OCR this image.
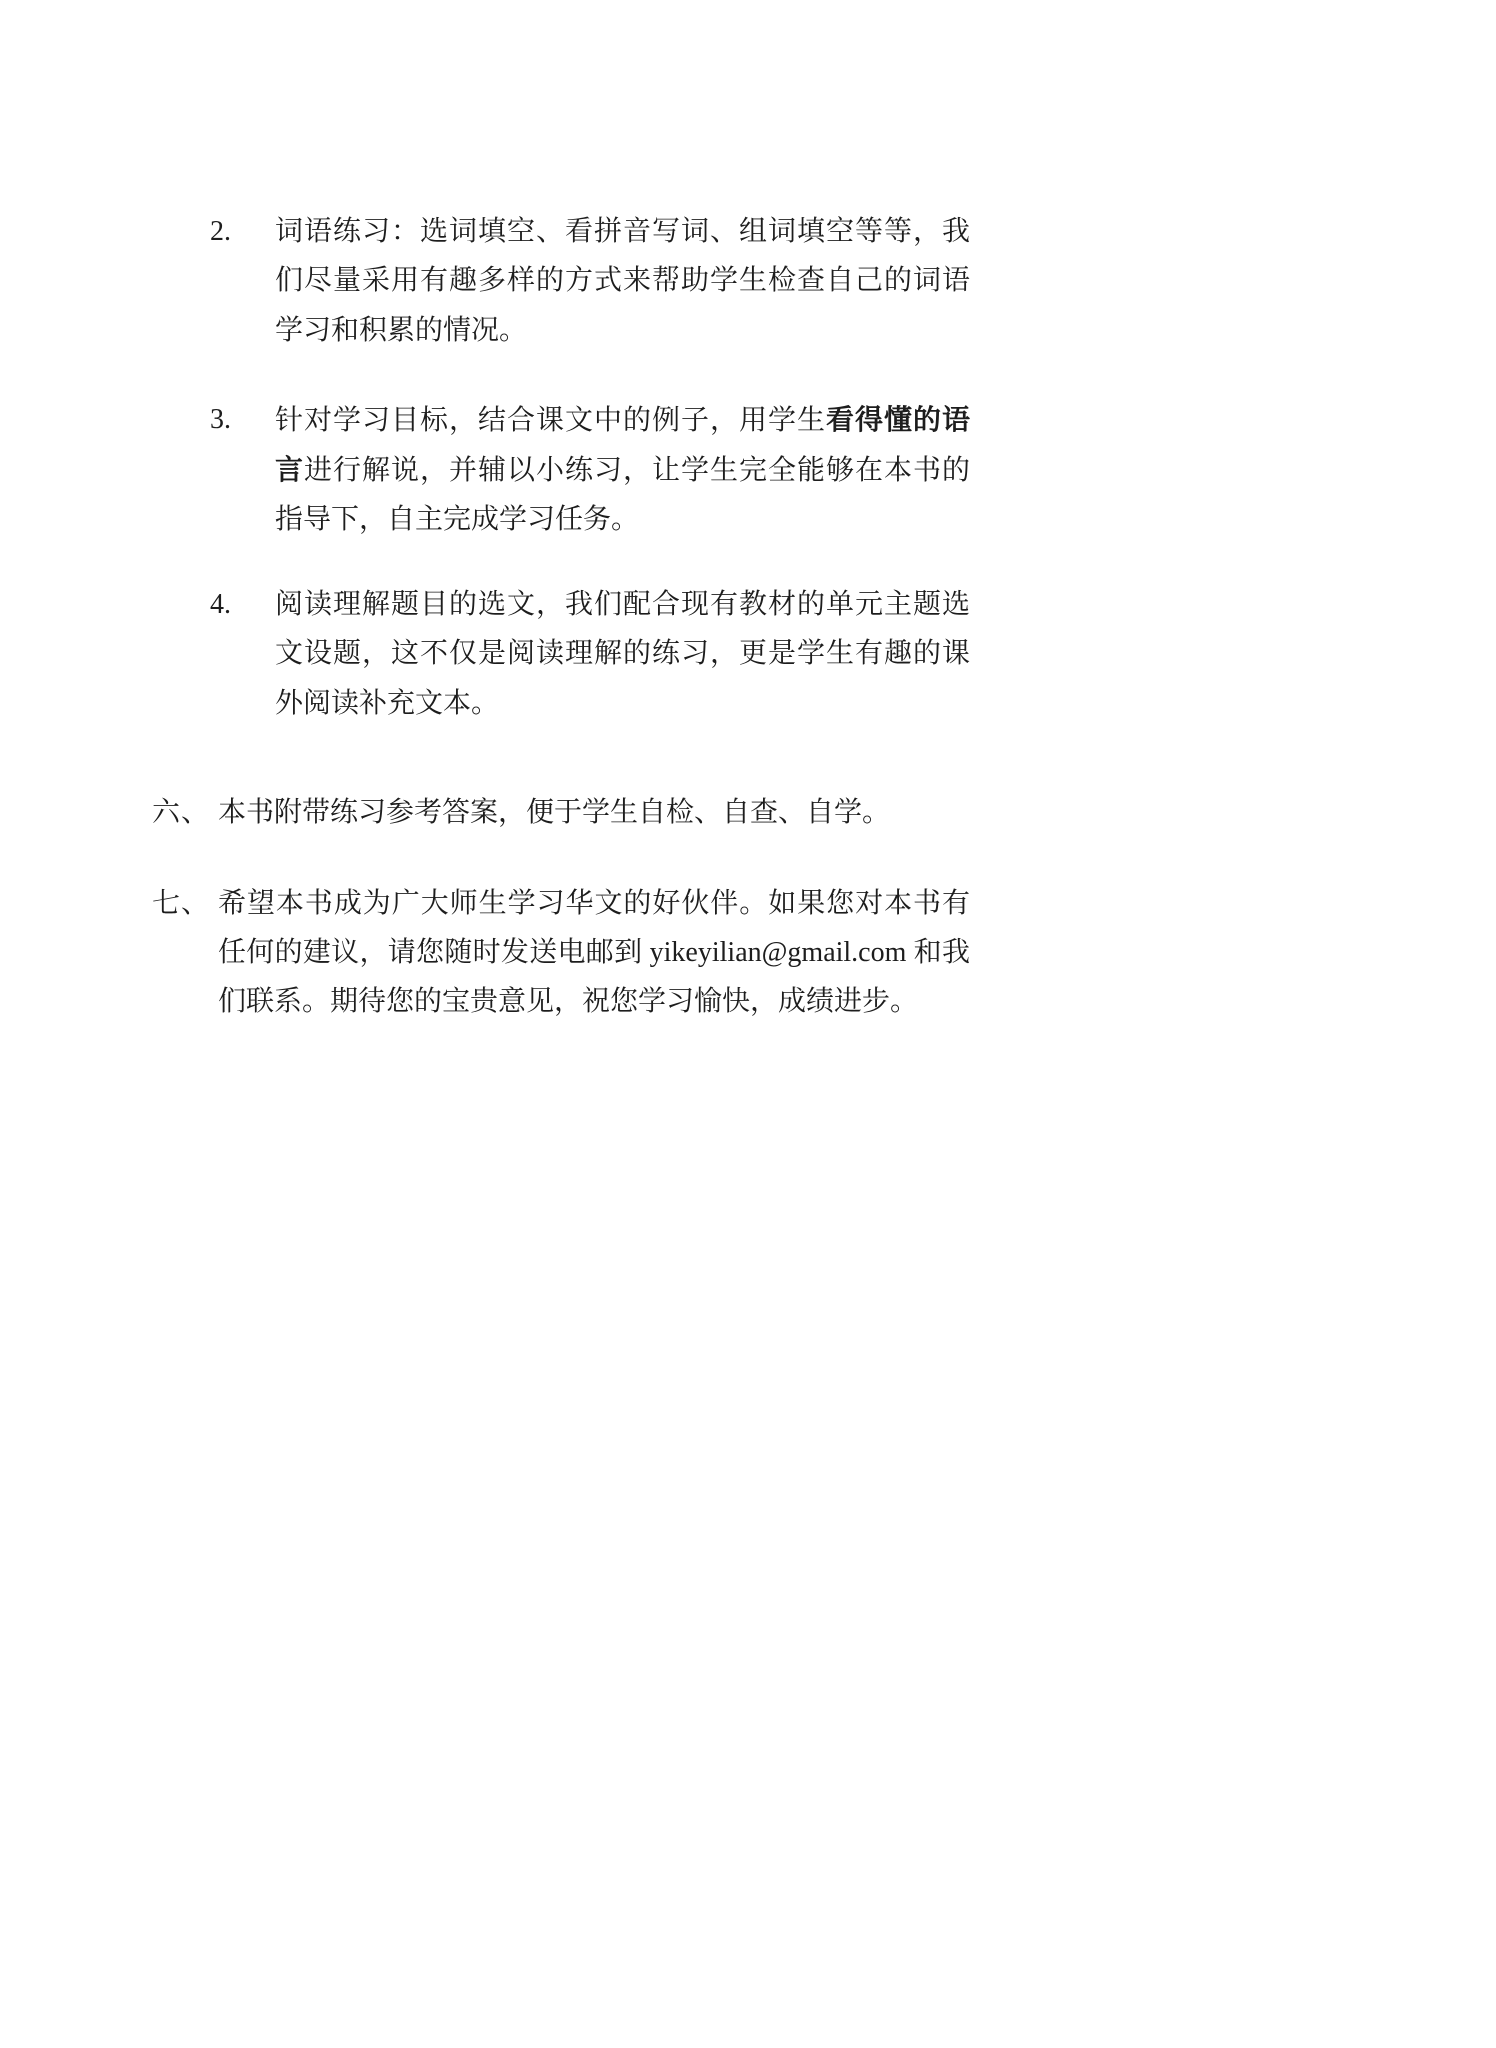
2.	词语练习：选词填空、看拼音写词、组词填空等等，我们尽量采用有趣多样的方式来帮助学生检查自己的词语学习和积累的情况。
3.	针对学习目标，结合课文中的例子，用学生看得懂的语言进行解说，并辅以小练习，让学生完全能够在本书的指导下，自主完成学习任务。
4.	阅读理解题目的选文，我们配合现有教材的单元主题选文设题，这不仅是阅读理解的练习，更是学生有趣的课外阅读补充文本。
六、 本书附带练习参考答案，便于学生自检、自查、自学。
七、 希望本书成为广大师生学习华文的好伙伴。如果您对本书有任何的建议，请您随时发送电邮到 yikeyilian@gmail.com 和我们联系。期待您的宝贵意见，祝您学习愉快，成绩进步。
